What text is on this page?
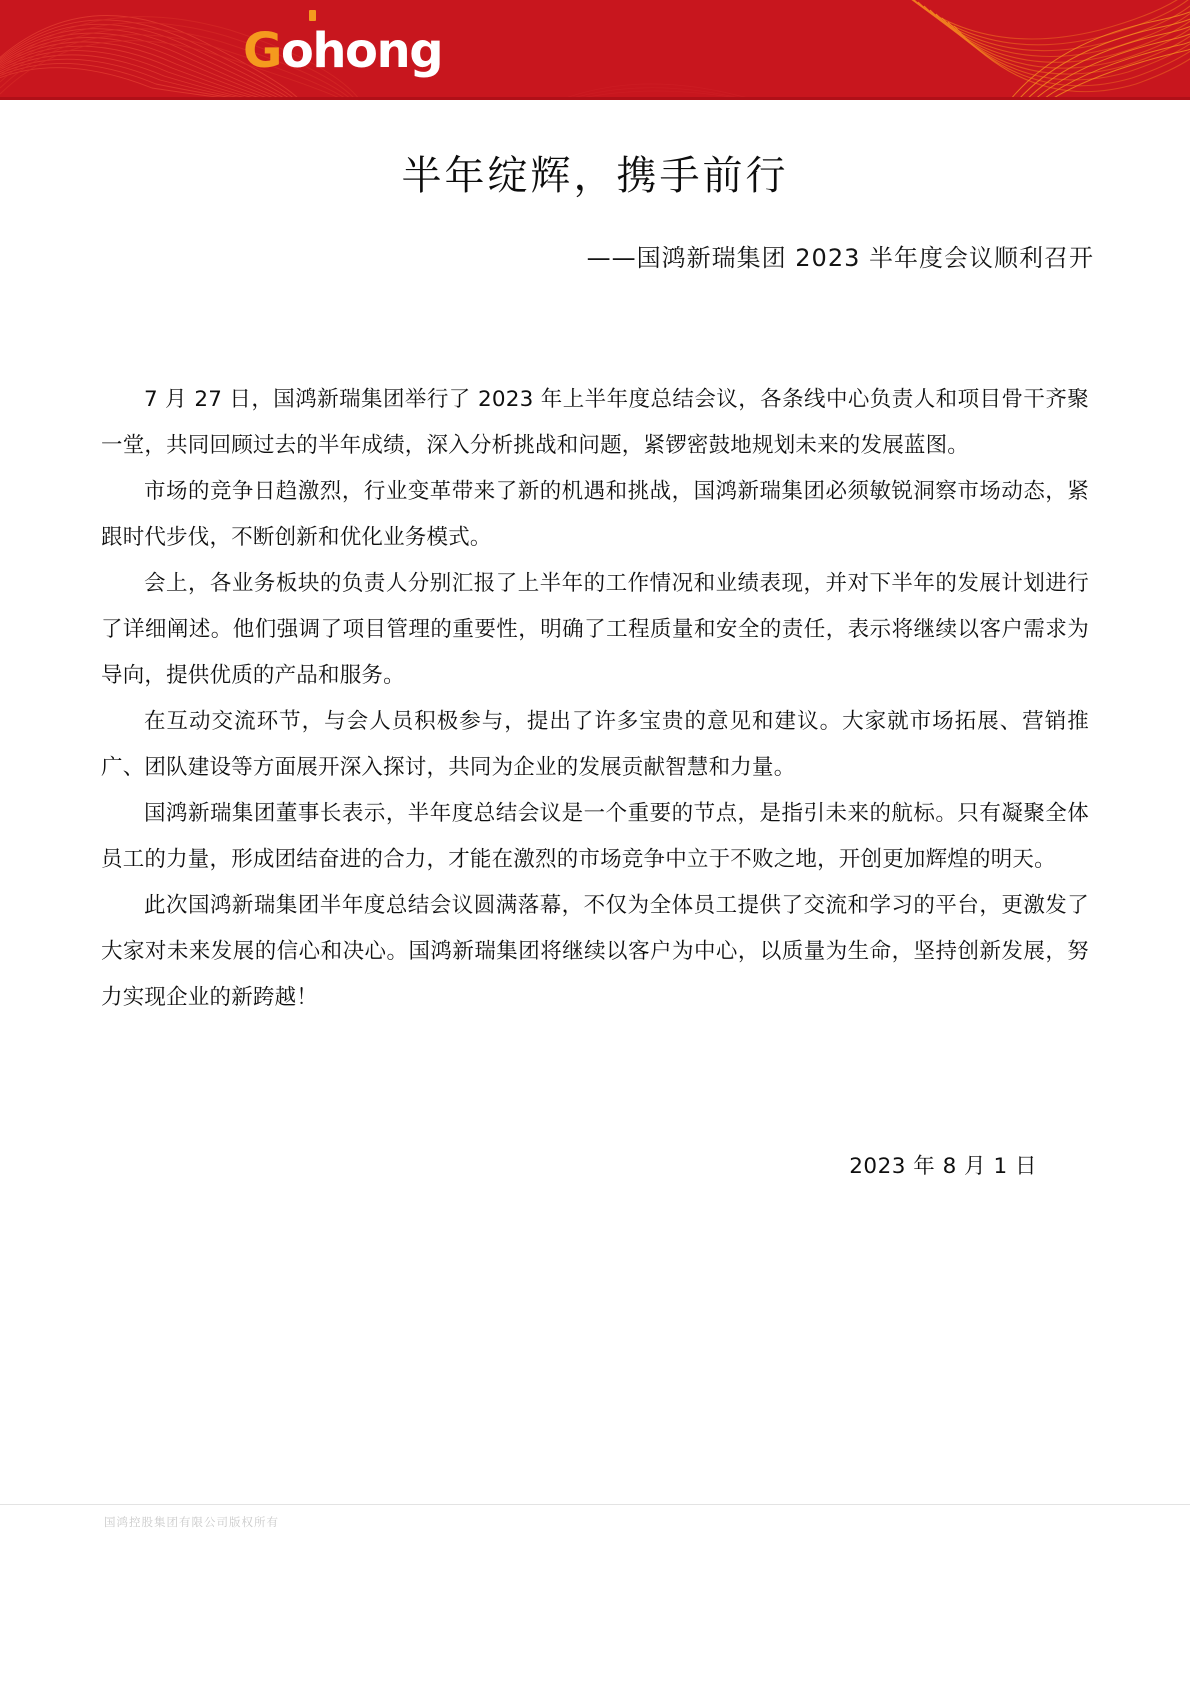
G ohong
半年绽辉，携手前行
——国鸿新瑞集团 2023 半年度会议顺利召开

7 月 27 日，国鸿新瑞集团举行了 2023 年上半年度总结会议，各条线中心负责人和项目骨干齐聚一堂，共同回顾过去的半年成绩，深入分析挑战和问题，紧锣密鼓地规划未来的发展蓝图。

市场的竞争日趋激烈，行业变革带来了新的机遇和挑战，国鸿新瑞集团必须敏锐洞察市场动态，紧跟时代步伐，不断创新和优化业务模式。

会上，各业务板块的负责人分别汇报了上半年的工作情况和业绩表现，并对下半年的发展计划进行了详细阐述。他们强调了项目管理的重要性，明确了工程质量和安全的责任，表示将继续以客户需求为导向，提供优质的产品和服务。

在互动交流环节，与会人员积极参与，提出了许多宝贵的意见和建议。大家就市场拓展、营销推广、团队建设等方面展开深入探讨，共同为企业的发展贡献智慧和力量。

国鸿新瑞集团董事长表示，半年度总结会议是一个重要的节点，是指引未来的航标。只有凝聚全体员工的力量，形成团结奋进的合力，才能在激烈的市场竞争中立于不败之地，开创更加辉煌的明天。

此次国鸿新瑞集团半年度总结会议圆满落幕，不仅为全体员工提供了交流和学习的平台，更激发了大家对未来发展的信心和决心。国鸿新瑞集团将继续以客户为中心，以质量为生命，坚持创新发展，努力实现企业的新跨越！

2023 年 8 月 1 日
国鸿控股集团有限公司版权所有
